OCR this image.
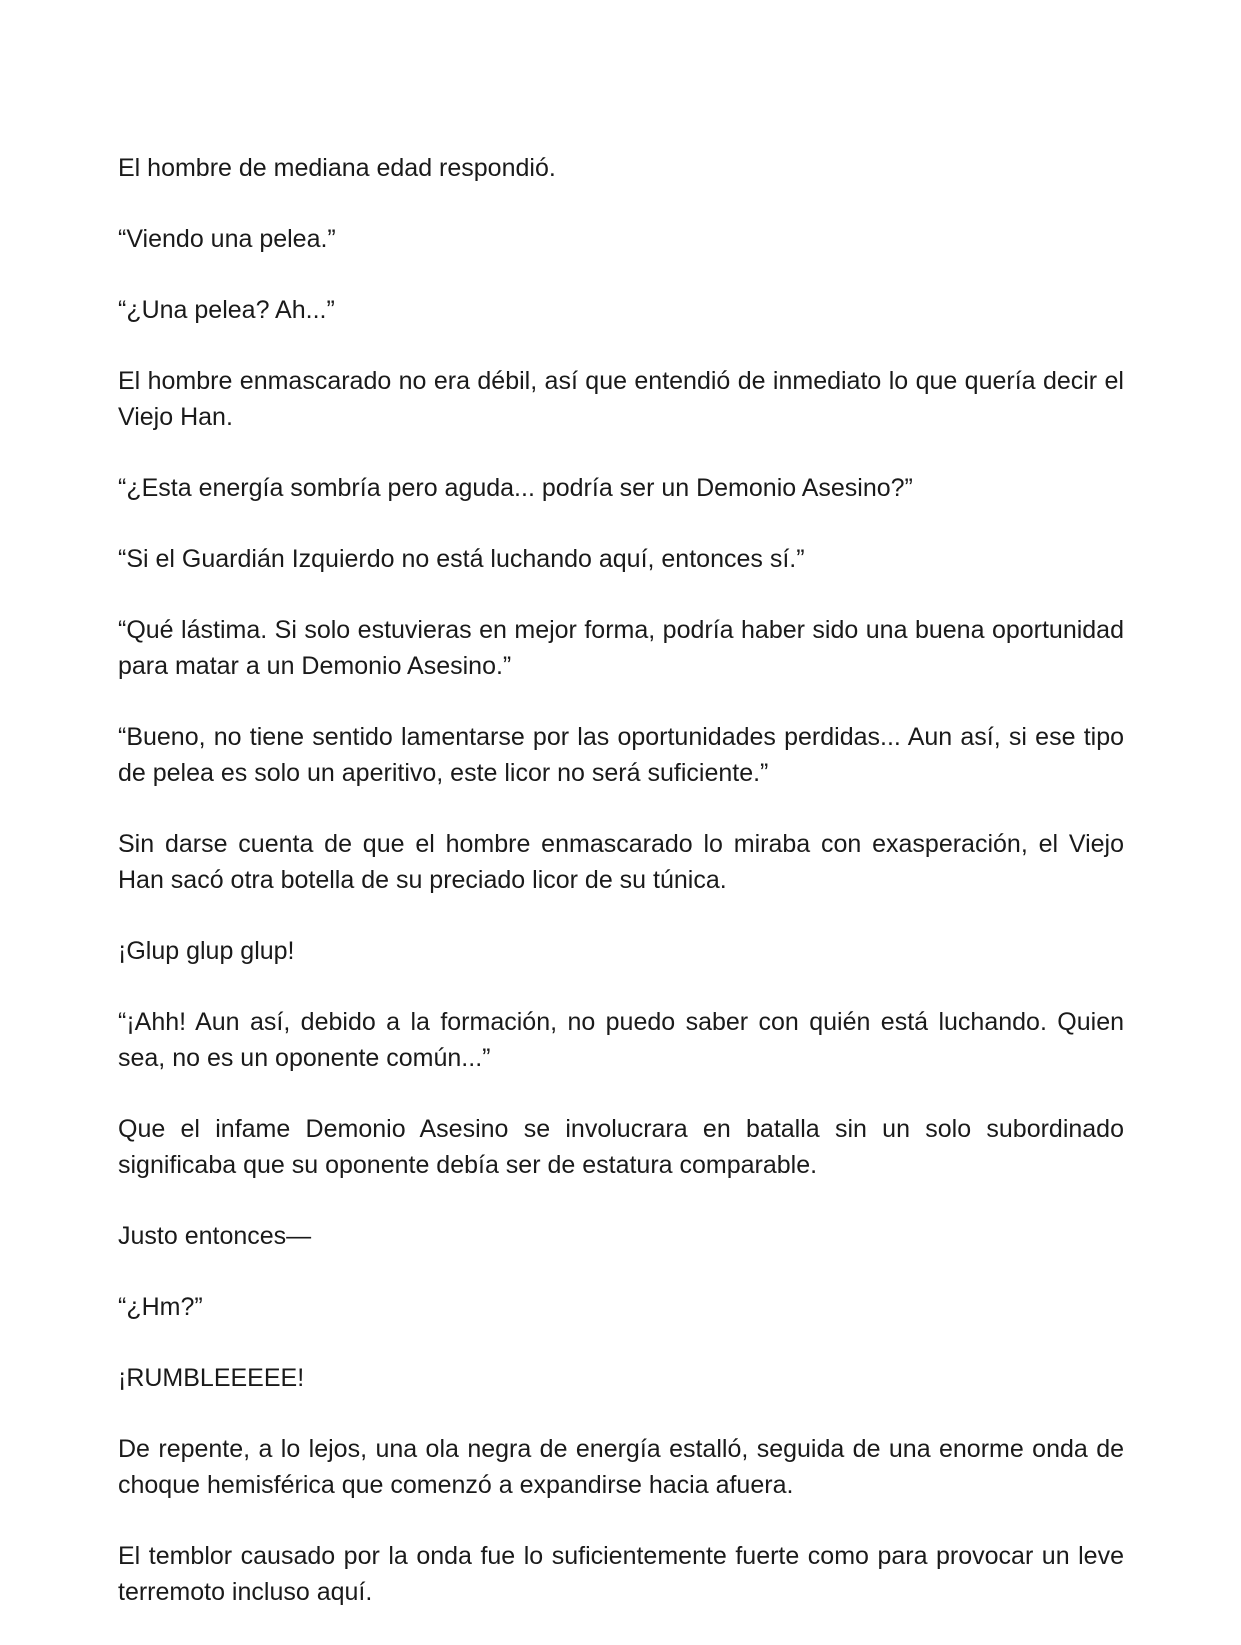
El hombre de mediana edad respondió.

“Viendo una pelea.”

“¿Una pelea? Ah...”

El hombre enmascarado no era débil, así que entendió de inmediato lo que quería decir el Viejo Han.

“¿Esta energía sombría pero aguda... podría ser un Demonio Asesino?”

“Si el Guardián Izquierdo no está luchando aquí, entonces sí.”

“Qué lástima. Si solo estuvieras en mejor forma, podría haber sido una buena oportunidad para matar a un Demonio Asesino.”

“Bueno, no tiene sentido lamentarse por las oportunidades perdidas... Aun así, si ese tipo de pelea es solo un aperitivo, este licor no será suficiente.”

Sin darse cuenta de que el hombre enmascarado lo miraba con exasperación, el Viejo Han sacó otra botella de su preciado licor de su túnica.

¡Glup glup glup!

“¡Ahh! Aun así, debido a la formación, no puedo saber con quién está luchando. Quien sea, no es un oponente común...”

Que el infame Demonio Asesino se involucrara en batalla sin un solo subordinado significaba que su oponente debía ser de estatura comparable.

Justo entonces—

“¿Hm?”

¡RUMBLEEEEE!

De repente, a lo lejos, una ola negra de energía estalló, seguida de una enorme onda de choque hemisférica que comenzó a expandirse hacia afuera.

El temblor causado por la onda fue lo suficientemente fuerte como para provocar un leve terremoto incluso aquí.
